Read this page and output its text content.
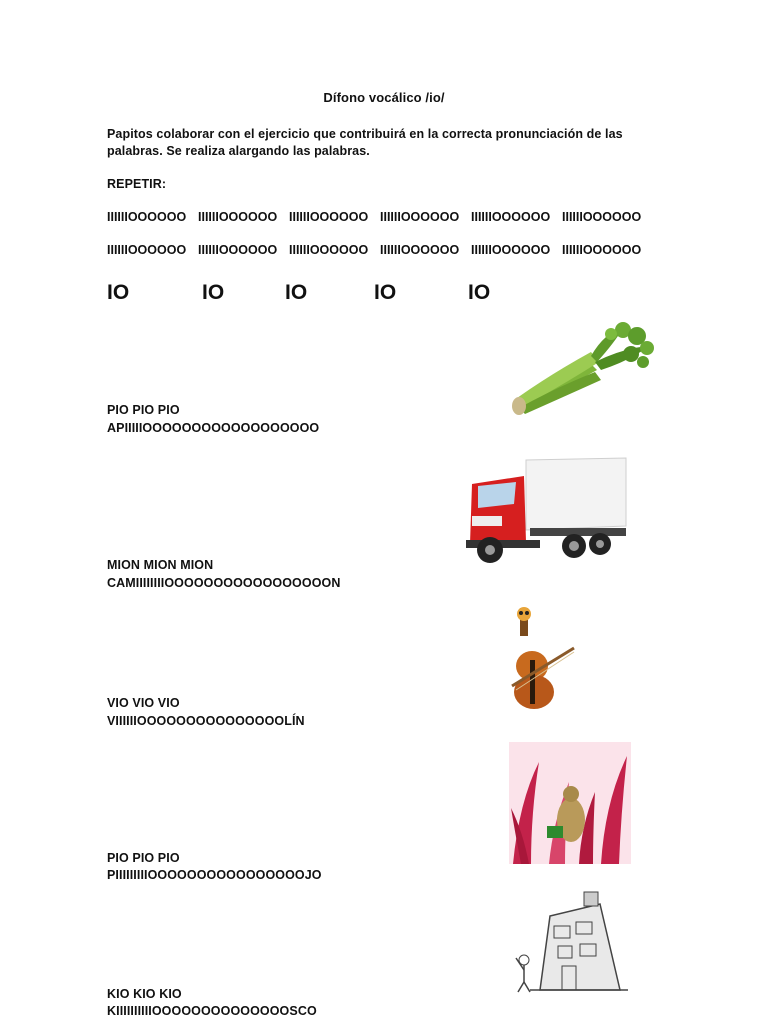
Dífono vocálico /io/
Papitos colaborar con el ejercicio que contribuirá en la correcta pronunciación de las palabras. Se realiza alargando las palabras.
REPETIR:
IIIIIIOOOOOO IIIIIIOOOOOO IIIIIIOOOOOO IIIIIIOOOOOO IIIIIIOOOOOO IIIIIIOOOOOO
IIIIIIOOOOOO IIIIIIOOOOOO IIIIIIOOOOOO IIIIIIOOOOOO IIIIIIOOOOOO IIIIIIOOOOOO
IO	IO	IO	IO	IO
PIO PIO PIO
APIIIIIOOOOOOOOOOOOOOOOOO
MION MION MION
CAMIIIIIIIIOOOOOOOOOOOOOOOOON
VIO VIO VIO
VIIIIIIOOOOOOOOOOOOOOOLÍN
PIO PIO PIO
PIIIIIIIIIOOOOOOOOOOOOOOOOJO
KIO KIO KIO
KIIIIIIIIIIOOOOOOOOOOOOOOSCO
